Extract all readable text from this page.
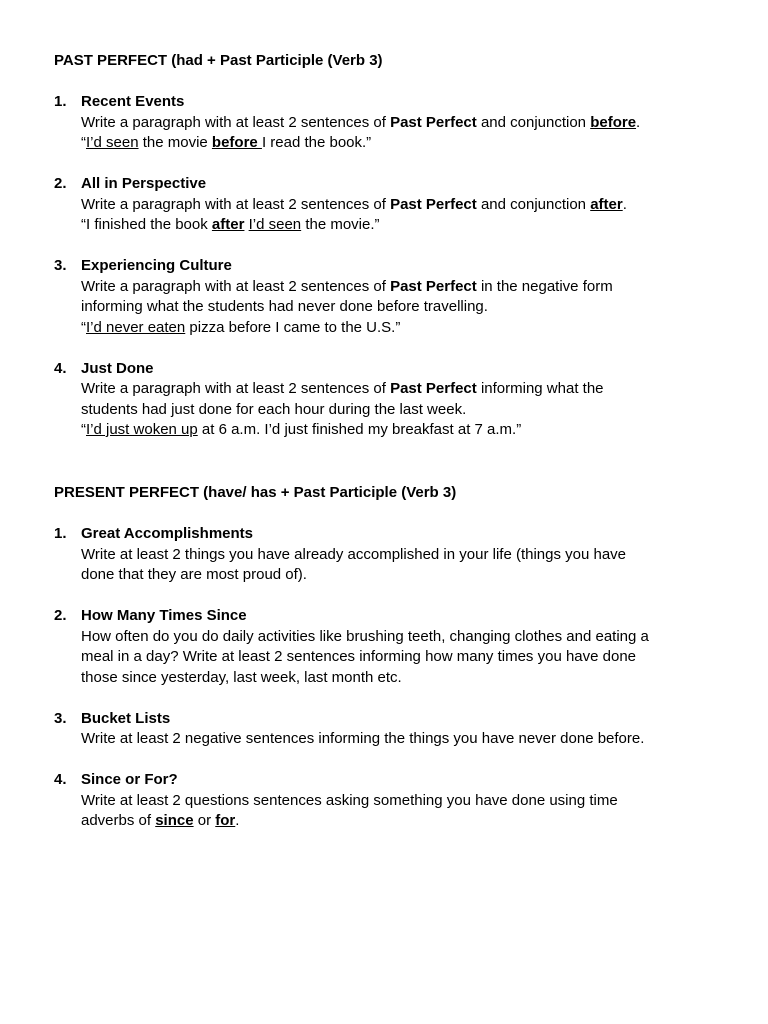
PAST PERFECT (had + Past Participle (Verb 3)

1. Recent Events
Write a paragraph with at least 2 sentences of Past Perfect and conjunction before.
“I’d seen the movie before I read the book.”
2. All in Perspective
Write a paragraph with at least 2 sentences of Past Perfect and conjunction after.
“I finished the book after I’d seen the movie.”
3. Experiencing Culture
Write a paragraph with at least 2 sentences of Past Perfect in the negative form
informing what the students had never done before travelling.
“I’d never eaten pizza before I came to the U.S.”
4. Just Done
Write a paragraph with at least 2 sentences of Past Perfect informing what the
students had just done for each hour during the last week.
“I’d just woken up at 6 a.m. I’d just finished my breakfast at 7 a.m.”

PRESENT PERFECT (have/ has + Past Participle (Verb 3)

1. Great Accomplishments
Write at least 2 things you have already accomplished in your life (things you have
done that they are most proud of).
2. How Many Times Since
How often do you do daily activities like brushing teeth, changing clothes and eating a
meal in a day? Write at least 2 sentences informing how many times you have done
those since yesterday, last week, last month etc.
3. Bucket Lists
Write at least 2 negative sentences informing the things you have never done before.
4. Since or For?
Write at least 2 questions sentences asking something you have done using time
adverbs of since or for.
